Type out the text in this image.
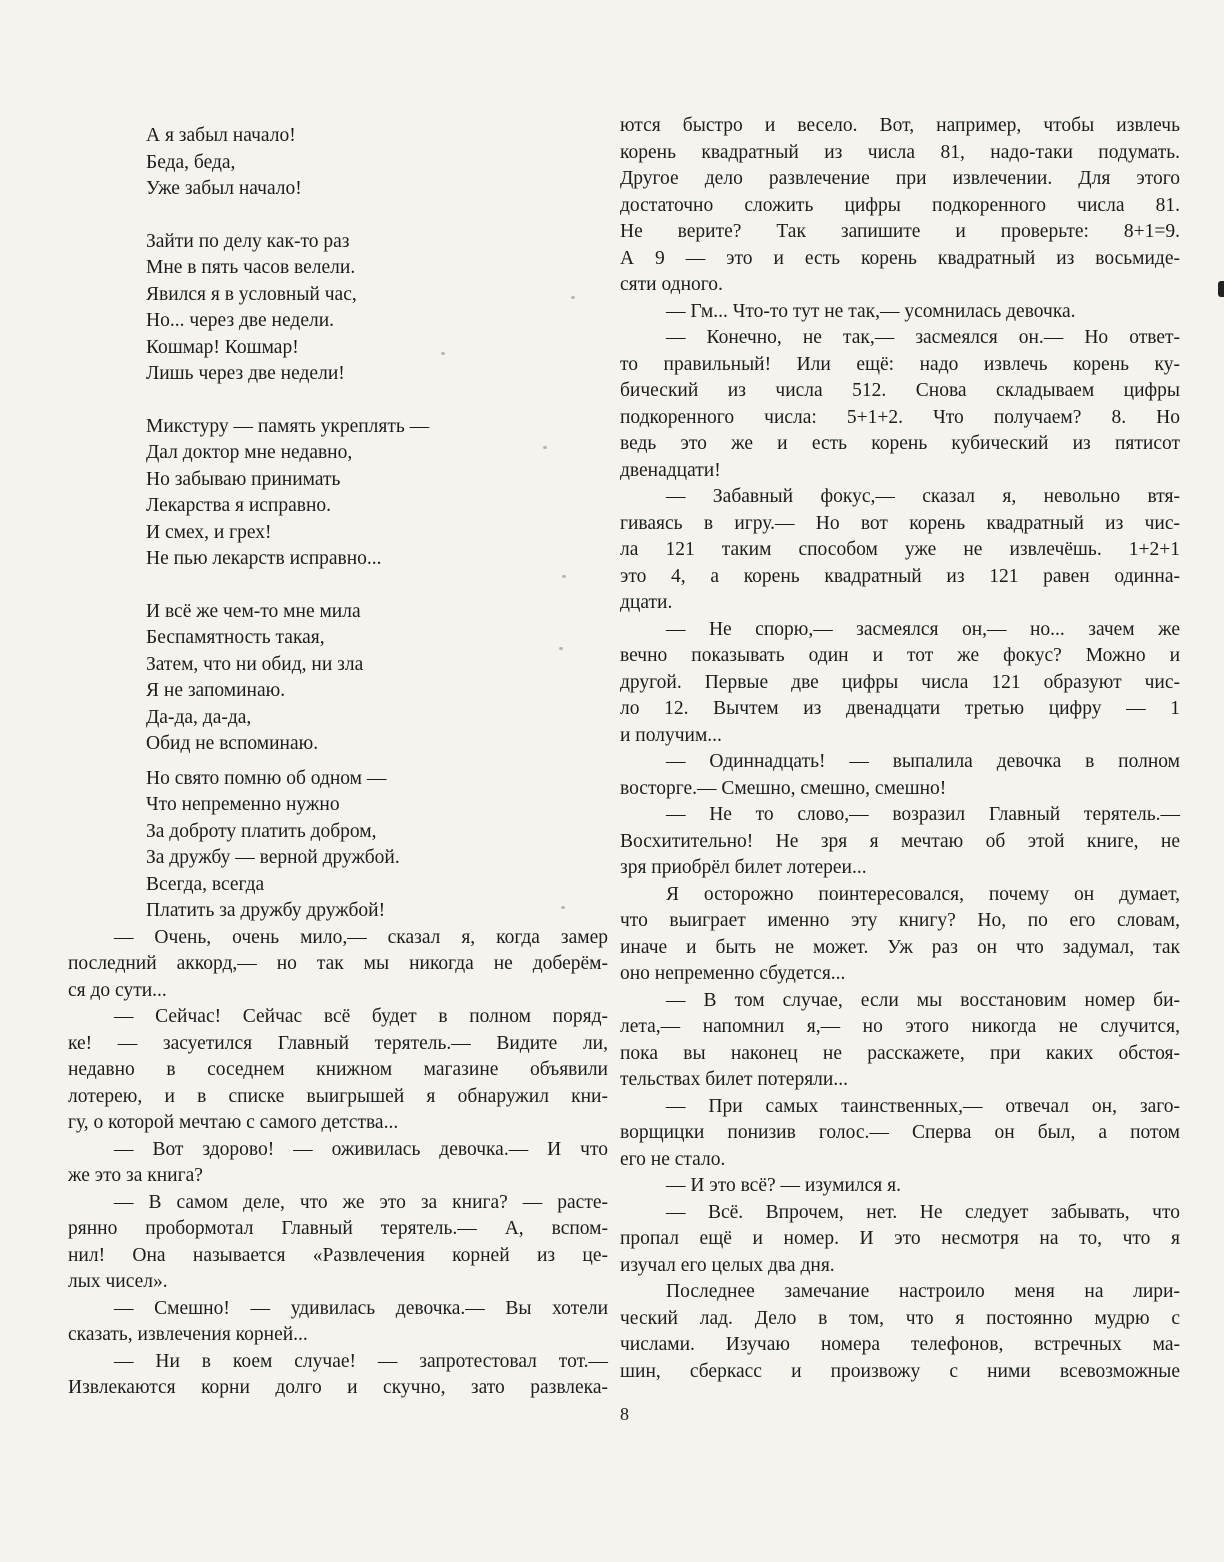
А я забыл начало!
Беда, беда,
Уже забыл начало!
Зайти по делу как-то раз
Мне в пять часов велели.
Явился я в условный час,
Но... через две недели.
Кошмар! Кошмар!
Лишь через две недели!
Микстуру — память укреплять —
Дал доктор мне недавно,
Но забываю принимать
Лекарства я исправно.
И смех, и грех!
Не пью лекарств исправно...
И всё же чем-то мне мила
Беспамятность такая,
Затем, что ни обид, ни зла
Я не запоминаю.
Да-да, да-да,
Обид не вспоминаю.
Но свято помню об одном —
Что непременно нужно
За доброту платить добром,
За дружбу — верной дружбой.
Всегда, всегда
Платить за дружбу дружбой!
— Очень, очень мило,— сказал я, когда замер
последний аккорд,— но так мы никогда не доберём-
ся до сути...
— Сейчас! Сейчас всё будет в полном поряд-
ке! — засуетился Главный терятель.— Видите ли,
недавно в соседнем книжном магазине объявили
лотерею, и в списке выигрышей я обнаружил кни-
гу, о которой мечтаю с самого детства...
— Вот здорово! — оживилась девочка.— И что
же это за книга?
— В самом деле, что же это за книга? — расте-
рянно пробормотал Главный терятель.— А, вспом-
нил! Она называется «Развлечения корней из це-
лых чисел».
— Смешно! — удивилась девочка.— Вы хотели
сказать, извлечения корней...
— Ни в коем случае! — запротестовал тот.—
Извлекаются корни долго и скучно, зато развлека-
ются быстро и весело. Вот, например, чтобы извлечь
корень квадратный из числа 81, надо-таки подумать.
Другое дело развлечение при извлечении. Для этого
достаточно сложить цифры подкоренного числа 81.
Не верите? Так запишите и проверьте: 8+1=9.
А 9 — это и есть корень квадратный из восьмиде-
сяти одного.
— Гм... Что-то тут не так,— усомнилась девочка.
— Конечно, не так,— засмеялся он.— Но ответ-
то правильный! Или ещё: надо извлечь корень ку-
бический из числа 512. Снова складываем цифры
подкоренного числа: 5+1+2. Что получаем? 8. Но
ведь это же и есть корень кубический из пятисот
двенадцати!
— Забавный фокус,— сказал я, невольно втя-
гиваясь в игру.— Но вот корень квадратный из чис-
ла 121 таким способом уже не извлечёшь. 1+2+1
это 4, а корень квадратный из 121 равен одинна-
дцати.
— Не спорю,— засмеялся он,— но... зачем же
вечно показывать один и тот же фокус? Можно и
другой. Первые две цифры числа 121 образуют чис-
ло 12. Вычтем из двенадцати третью цифру — 1
и получим...
— Одиннадцать! — выпалила девочка в полном
восторге.— Смешно, смешно, смешно!
— Не то слово,— возразил Главный терятель.—
Восхитительно! Не зря я мечтаю об этой книге, не
зря приобрёл билет лотереи...
Я осторожно поинтересовался, почему он думает,
что выиграет именно эту книгу? Но, по его словам,
иначе и быть не может. Уж раз он что задумал, так
оно непременно сбудется...
— В том случае, если мы восстановим номер би-
лета,— напомнил я,— но этого никогда не случится,
пока вы наконец не расскажете, при каких обстоя-
тельствах билет потеряли...
— При самых таинственных,— отвечал он, заго-
ворщицки понизив голос.— Сперва он был, а потом
его не стало.
— И это всё? — изумился я.
— Всё. Впрочем, нет. Не следует забывать, что
пропал ещё и номер. И это несмотря на то, что я
изучал его целых два дня.
Последнее замечание настроило меня на лири-
ческий лад. Дело в том, что я постоянно мудрю с
числами. Изучаю номера телефонов, встречных ма-
шин, сберкасс и произвожу с ними всевозможные
8
